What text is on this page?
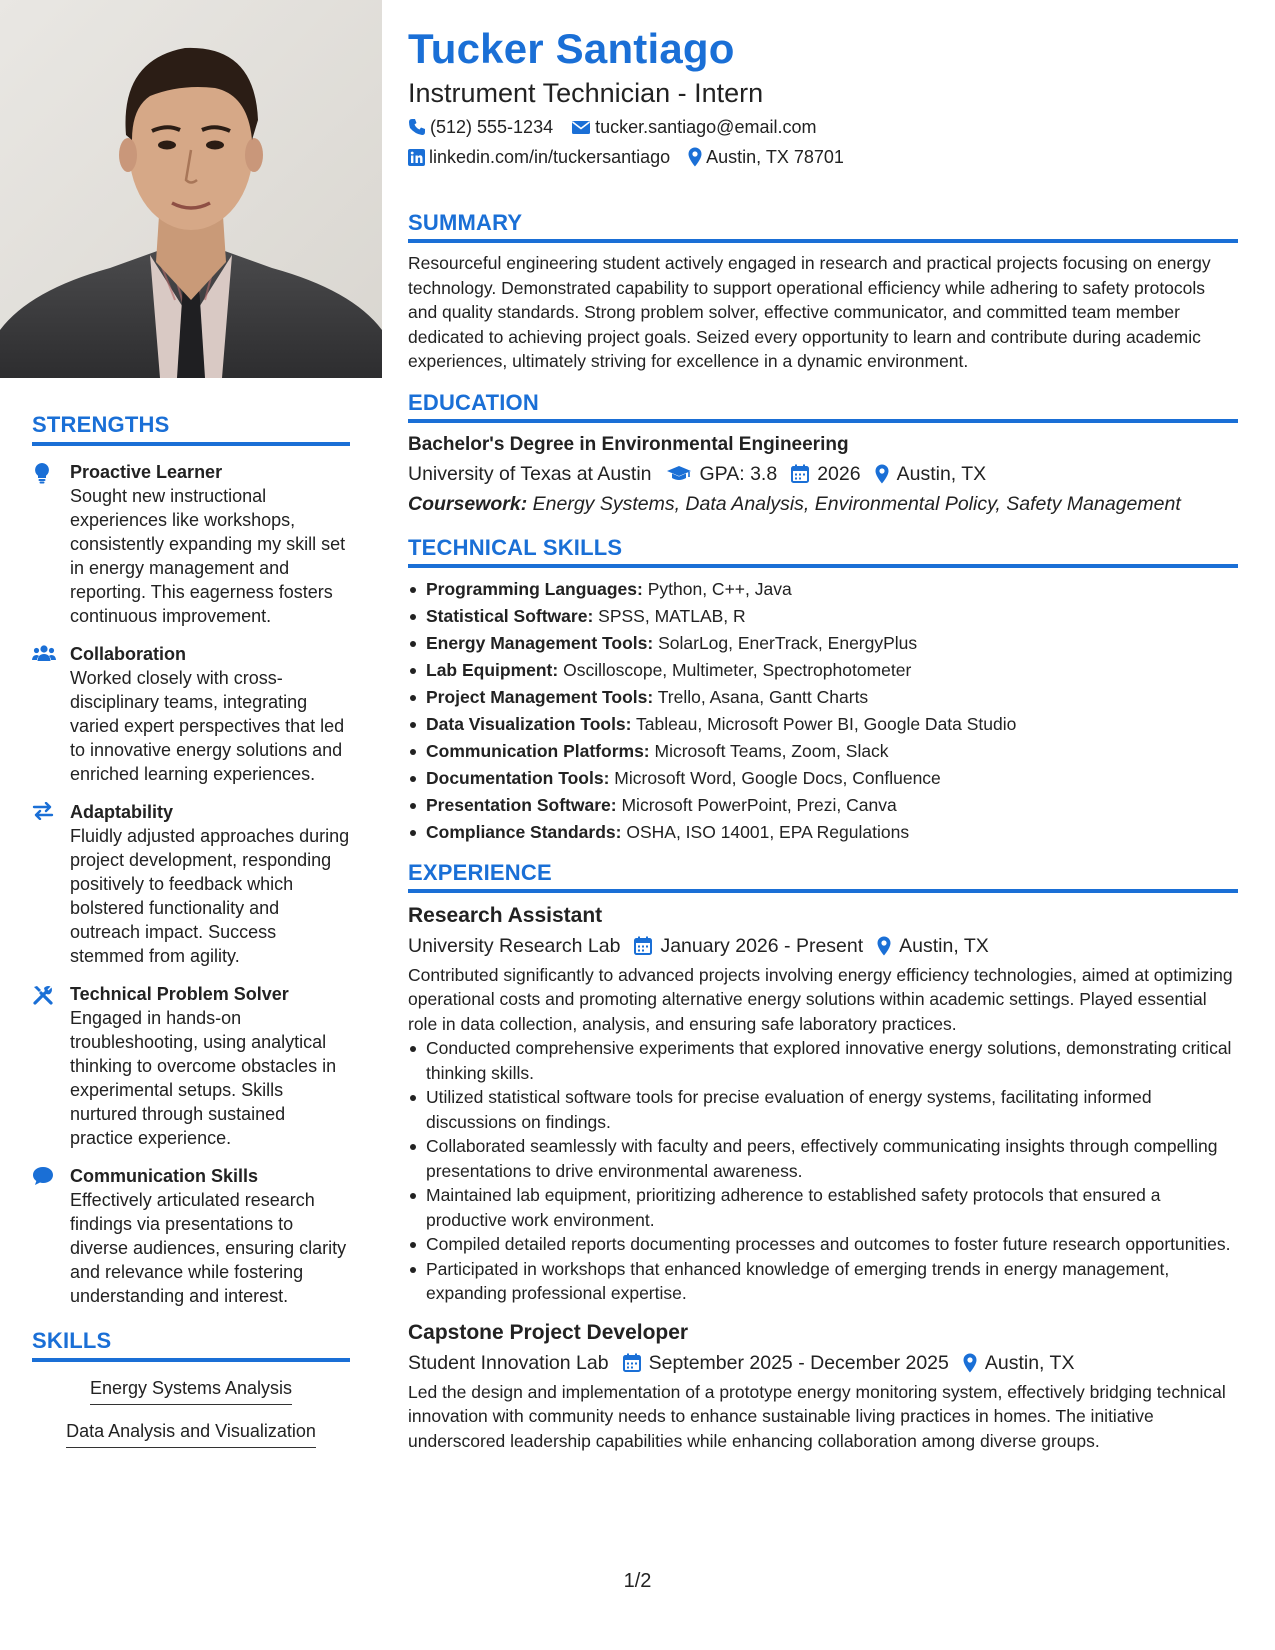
STRENGTHS
Proactive Learner
Sought new instructional experiences like workshops, consistently expanding my skill set in energy management and reporting. This eagerness fosters continuous improvement.
Collaboration
Worked closely with cross-disciplinary teams, integrating varied expert perspectives that led to innovative energy solutions and enriched learning experiences.
Adaptability
Fluidly adjusted approaches during project development, responding positively to feedback which bolstered functionality and outreach impact. Success stemmed from agility.
Technical Problem Solver
Engaged in hands-on troubleshooting, using analytical thinking to overcome obstacles in experimental setups. Skills nurtured through sustained practice experience.
Communication Skills
Effectively articulated research findings via presentations to diverse audiences, ensuring clarity and relevance while fostering understanding and interest.
SKILLS
Energy Systems Analysis
Data Analysis and Visualization
Tucker Santiago
Instrument Technician - Intern
(512) 555-1234 tucker.santiago@email.com
linkedin.com/in/tuckersantiago Austin, TX 78701
SUMMARY

Resourceful engineering student actively engaged in research and practical projects focusing on energy technology. Demonstrated capability to support operational efficiency while adhering to safety protocols and quality standards. Strong problem solver, effective communicator, and committed team member dedicated to achieving project goals. Seized every opportunity to learn and contribute during academic experiences, ultimately striving for excellence in a dynamic environment.

EDUCATION
Bachelor's Degree in Environmental Engineering
University of Texas at Austin GPA: 3.8 2026 Austin, TX
Coursework: Energy Systems, Data Analysis, Environmental Policy, Safety Management
TECHNICAL SKILLS
Programming Languages: Python, C++, Java
Statistical Software: SPSS, MATLAB, R
Energy Management Tools: SolarLog, EnerTrack, EnergyPlus
Lab Equipment: Oscilloscope, Multimeter, Spectrophotometer
Project Management Tools: Trello, Asana, Gantt Charts
Data Visualization Tools: Tableau, Microsoft Power BI, Google Data Studio
Communication Platforms: Microsoft Teams, Zoom, Slack
Documentation Tools: Microsoft Word, Google Docs, Confluence
Presentation Software: Microsoft PowerPoint, Prezi, Canva
Compliance Standards: OSHA, ISO 14001, EPA Regulations
EXPERIENCE
Research Assistant
University Research Lab January 2026 - Present Austin, TX

Contributed significantly to advanced projects involving energy efficiency technologies, aimed at optimizing operational costs and promoting alternative energy solutions within academic settings. Played essential role in data collection, analysis, and ensuring safe laboratory practices.

Conducted comprehensive experiments that explored innovative energy solutions, demonstrating critical thinking skills.
Utilized statistical software tools for precise evaluation of energy systems, facilitating informed discussions on findings.
Collaborated seamlessly with faculty and peers, effectively communicating insights through compelling presentations to drive environmental awareness.
Maintained lab equipment, prioritizing adherence to established safety protocols that ensured a productive work environment.
Compiled detailed reports documenting processes and outcomes to foster future research opportunities.
Participated in workshops that enhanced knowledge of emerging trends in energy management, expanding professional expertise.
Capstone Project Developer
Student Innovation Lab September 2025 - December 2025 Austin, TX

Led the design and implementation of a prototype energy monitoring system, effectively bridging technical innovation with community needs to enhance sustainable living practices in homes. The initiative underscored leadership capabilities while enhancing collaboration among diverse groups.

1/2
